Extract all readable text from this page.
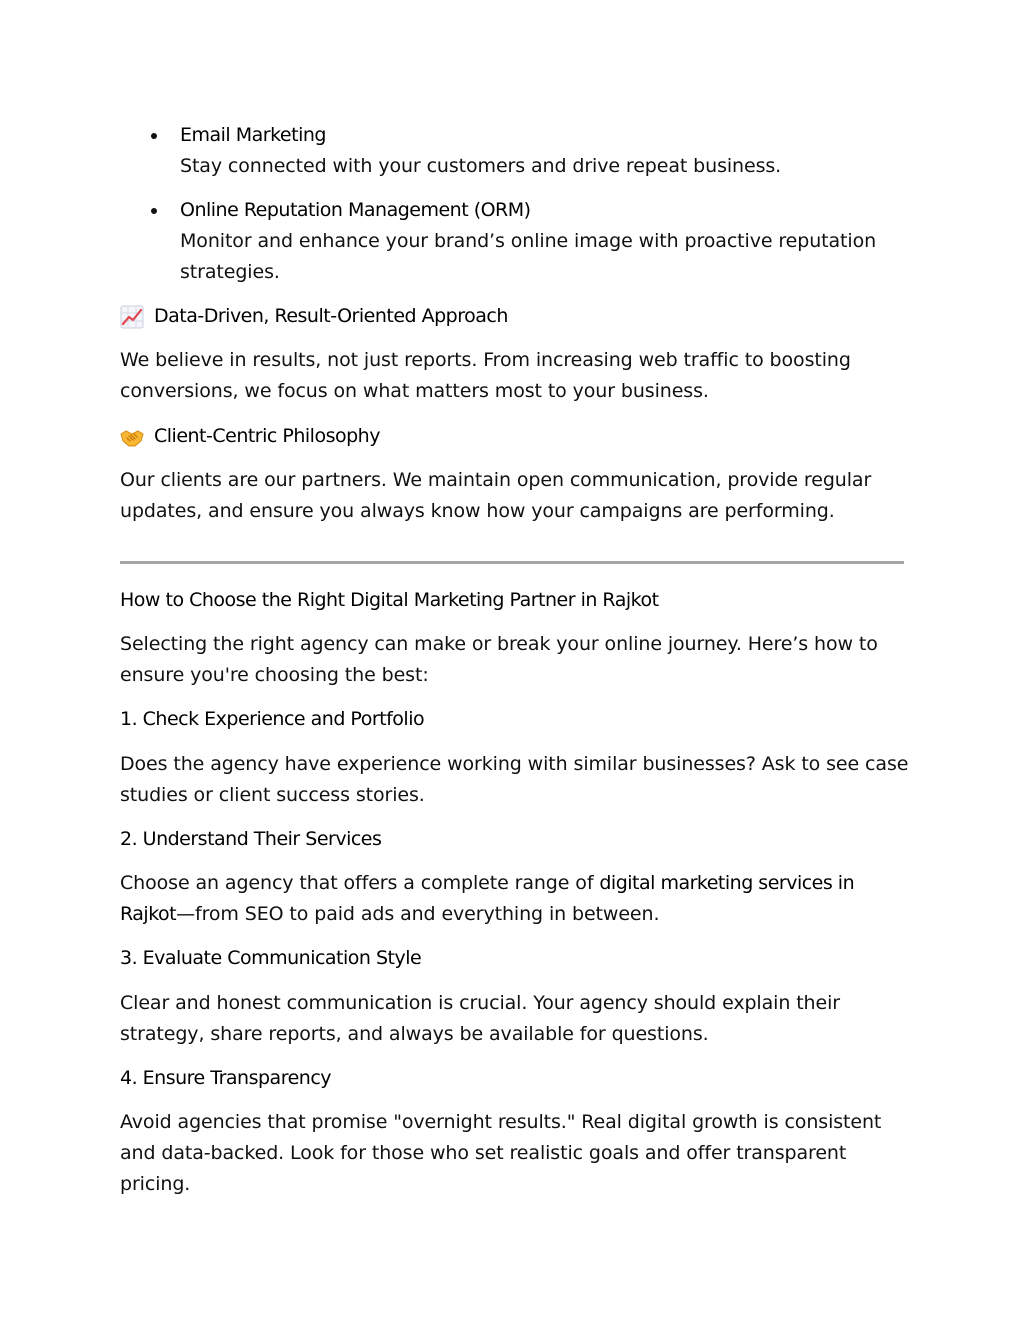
Email Marketing
Stay connected with your customers and drive repeat business.
Online Reputation Management (ORM)
Monitor and enhance your brand’s online image with proactive reputation strategies.
Data-Driven, Result-Oriented Approach
We believe in results, not just reports. From increasing web traffic to boosting conversions, we focus on what matters most to your business.
Client-Centric Philosophy
Our clients are our partners. We maintain open communication, provide regular updates, and ensure you always know how your campaigns are performing.
How to Choose the Right Digital Marketing Partner in Rajkot
Selecting the right agency can make or break your online journey. Here’s how to ensure you're choosing the best:
1. Check Experience and Portfolio
Does the agency have experience working with similar businesses? Ask to see case studies or client success stories.
2. Understand Their Services
Choose an agency that offers a complete range of digital marketing services in Rajkot—from SEO to paid ads and everything in between.
3. Evaluate Communication Style
Clear and honest communication is crucial. Your agency should explain their strategy, share reports, and always be available for questions.
4. Ensure Transparency
Avoid agencies that promise "overnight results." Real digital growth is consistent and data-backed. Look for those who set realistic goals and offer transparent pricing.
